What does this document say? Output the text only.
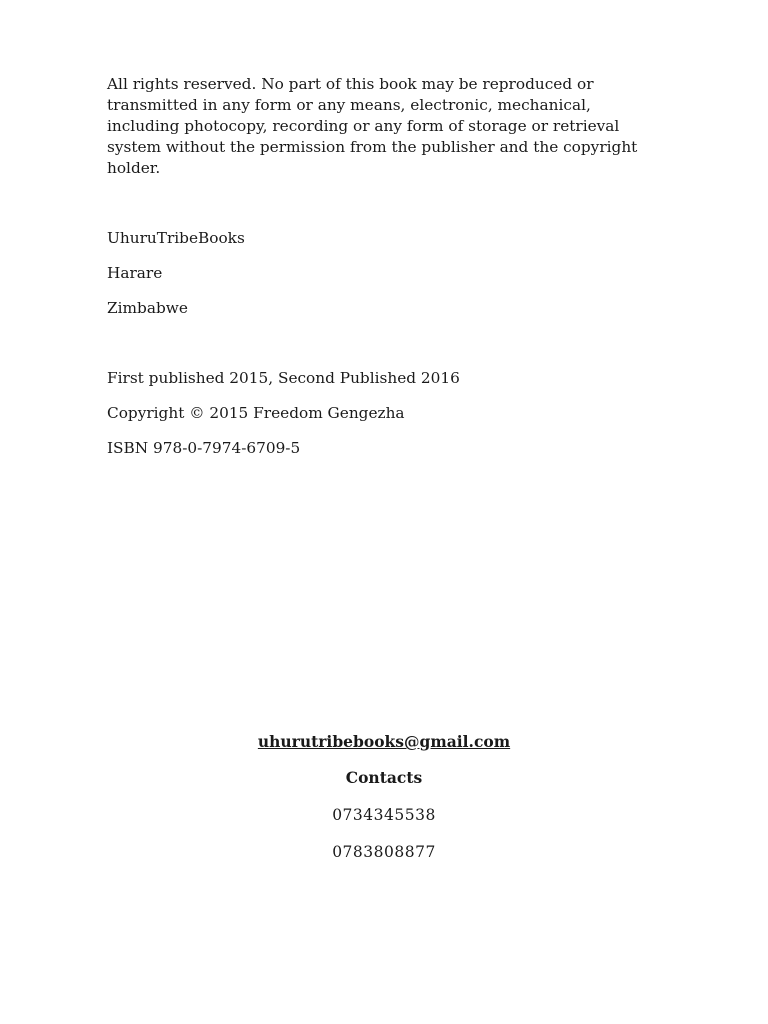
All rights reserved. No part of this book may be reproduced or transmitted in any form or any means, electronic, mechanical, including photocopy, recording or any form of storage or retrieval system without the permission from the publisher and the copyright holder.

UhuruTribeBooks

Harare

Zimbabwe

First published 2015, Second Published 2016

Copyright © 2015 Freedom Gengezha

ISBN 978-0-7974-6709-5

uhurutribebooks@gmail.com

Contacts

0734345538

0783808877
